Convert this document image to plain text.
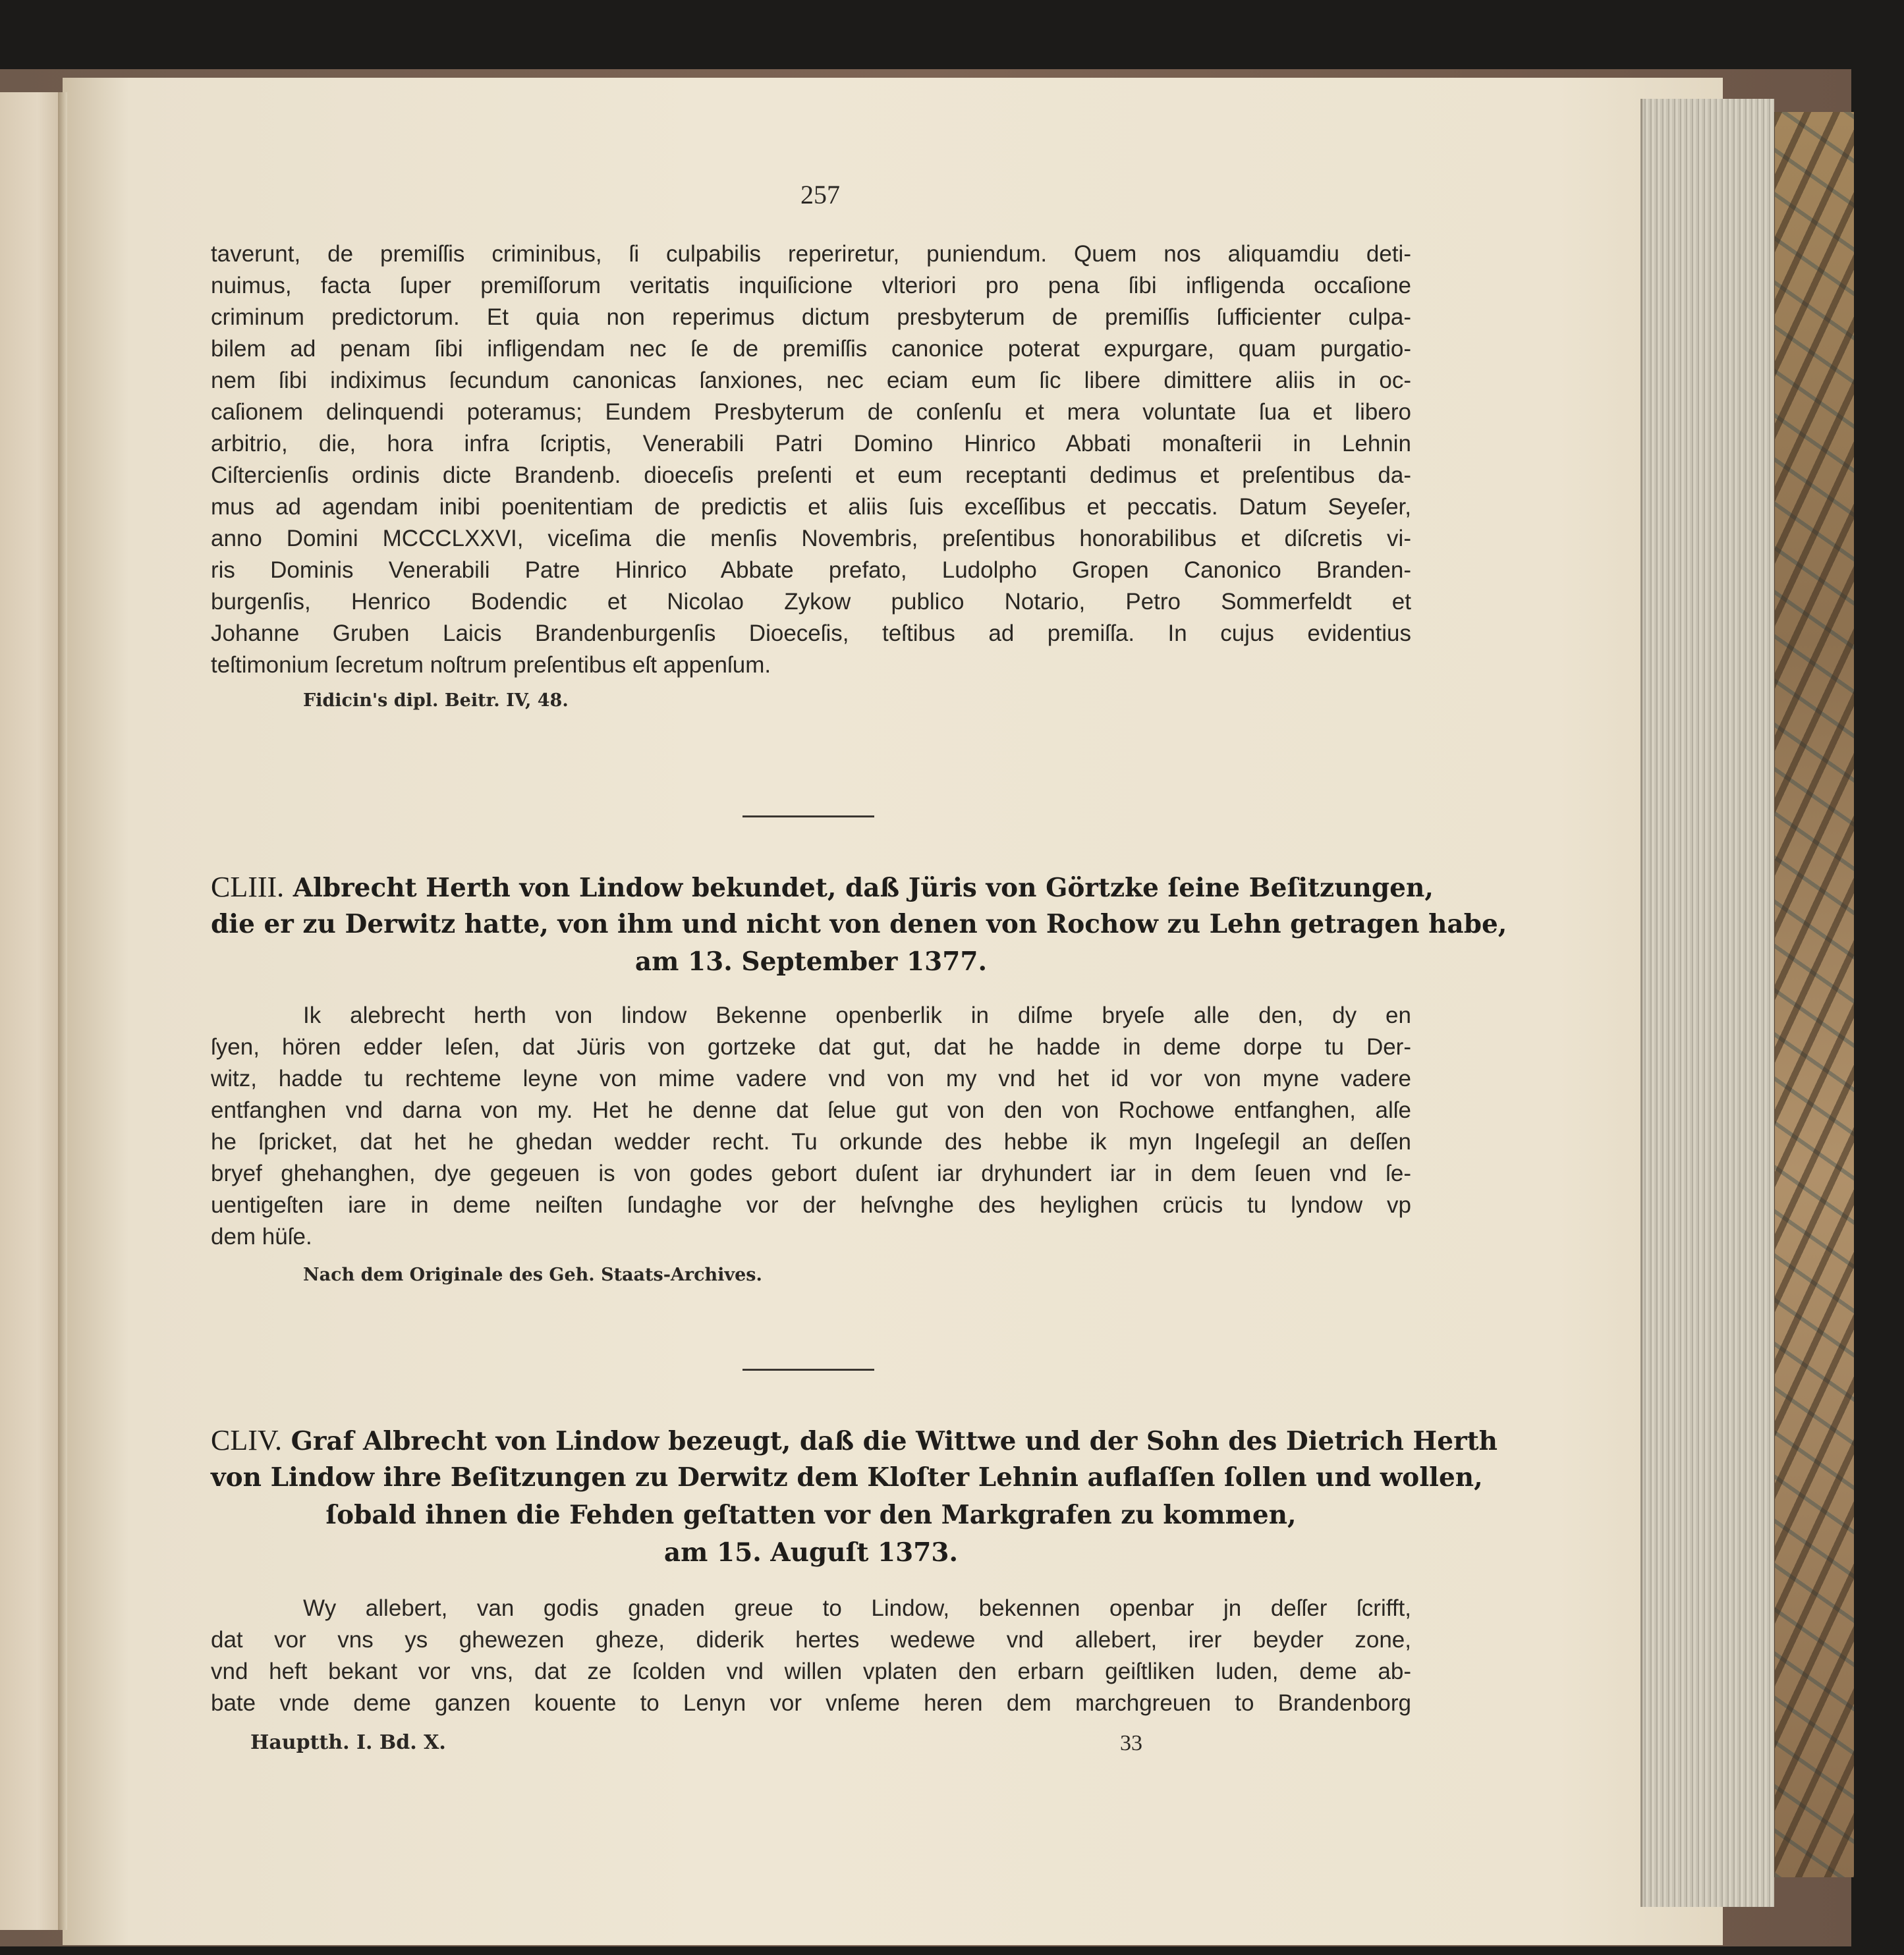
257
taverunt, de premiſſis criminibus, ſi culpabilis reperiretur, puniendum. Quem nos aliquamdiu deti-
nuimus, facta ſuper premiſſorum veritatis inquiſicione vlteriori pro pena ſibi infligenda occaſione
criminum predictorum. Et quia non reperimus dictum presbyterum de premiſſis ſufficienter culpa-
bilem ad penam ſibi infligendam nec ſe de premiſſis canonice poterat expurgare, quam purgatio-
nem ſibi indiximus ſecundum canonicas ſanxiones, nec eciam eum ſic libere dimittere aliis in oc-
caſionem delinquendi poteramus; Eundem Presbyterum de conſenſu et mera voluntate ſua et libero
arbitrio, die, hora infra ſcriptis, Venerabili Patri Domino Hinrico Abbati monaſterii in Lehnin
Ciſtercienſis ordinis dicte Brandenb. dioeceſis preſenti et eum receptanti dedimus et preſentibus da-
mus ad agendam inibi poenitentiam de predictis et aliis ſuis exceſſibus et peccatis. Datum Seyeſer,
anno Domini MCCCLXXVI, viceſima die menſis Novembris, preſentibus honorabilibus et diſcretis vi-
ris Dominis Venerabili Patre Hinrico Abbate prefato, Ludolpho Gropen Canonico Branden-
burgenſis, Henrico Bodendic et Nicolao Zykow publico Notario, Petro Sommerfeldt et
Johanne Gruben Laicis Brandenburgenſis Dioeceſis, teſtibus ad premiſſa. In cujus evidentius
teſtimonium ſecretum noſtrum preſentibus eſt appenſum.
Fidicin's dipl. Beitr. IV, 48.
CLIII. Albrecht Herth von Lindow bekundet, daß Jüris von Görtzke ſeine Beſitzungen,
die er zu Derwitz hatte, von ihm und nicht von denen von Rochow zu Lehn getragen habe,
am 13. September 1377.
Ik alebrecht herth von lindow Bekenne openberlik in diſme bryeſe alle den, dy en
ſyen, hören edder leſen, dat Jüris von gortzeke dat gut, dat he hadde in deme dorpe tu Der-
witz, hadde tu rechteme leyne von mime vadere vnd von my vnd het id vor von myne vadere
entfanghen vnd darna von my. Het he denne dat ſelue gut von den von Rochowe entfanghen, alſe
he ſpricket, dat het he ghedan wedder recht. Tu orkunde des hebbe ik myn Ingeſegil an deſſen
bryef ghehanghen, dye gegeuen is von godes gebort duſent iar dryhundert iar in dem ſeuen vnd ſe-
uentigeſten iare in deme neiſten ſundaghe vor der heſvnghe des heylighen crücis tu lyndow vp
dem hüſe.
Nach dem Originale des Geh. Staats-Archives.
CLIV. Graf Albrecht von Lindow bezeugt, daß die Wittwe und der Sohn des Dietrich Herth
von Lindow ihre Beſitzungen zu Derwitz dem Kloſter Lehnin auflaſſen ſollen und wollen,
ſobald ihnen die Fehden geſtatten vor den Markgrafen zu kommen,
am 15. Auguſt 1373.
Wy allebert, van godis gnaden greue to Lindow, bekennen openbar jn deſſer ſcrifft,
dat vor vns ys ghewezen gheze, diderik hertes wedewe vnd allebert, irer beyder zone,
vnd heft bekant vor vns, dat ze ſcolden vnd willen vplaten den erbarn geiſtliken luden, deme ab-
bate vnde deme ganzen kouente to Lenyn vor vnſeme heren dem marchgreuen to Brandenborg
Hauptth. I. Bd. X.	33
